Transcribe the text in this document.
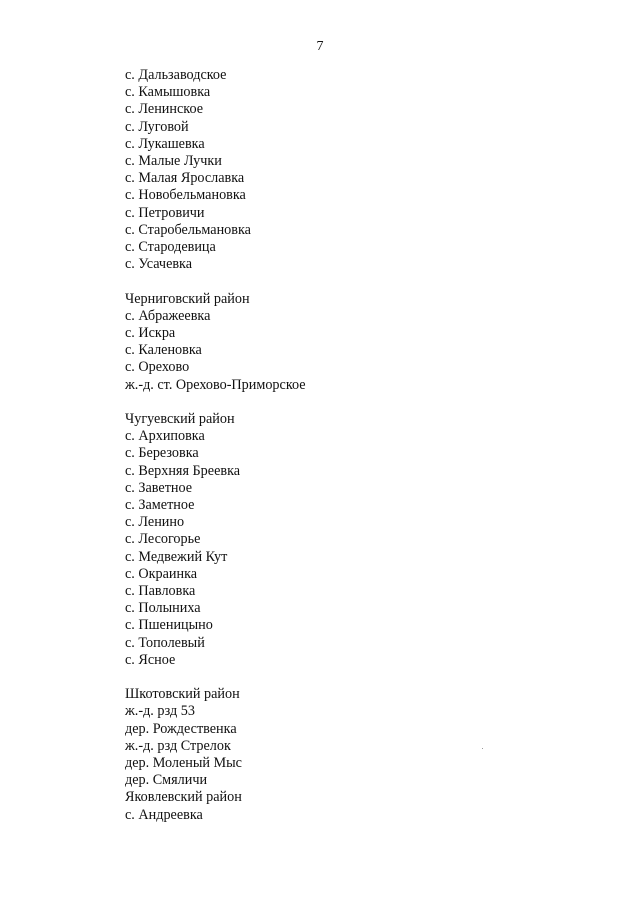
7
с. Дальзаводское
с. Камышовка
с. Ленинское
с. Луговой
с. Лукашевка
с. Малые Лучки
с. Малая Ярославка
с. Новобельмановка
с. Петровичи
с. Старобельмановка
с. Стародевица
с. Усачевка
Черниговский район
с. Абражеевка
с. Искра
с. Каленовка
с. Орехово
ж.-д. ст. Орехово-Приморское
Чугуевский район
с. Архиповка
с. Березовка
с. Верхняя Бреевка
с. Заветное
с. Заметное
с. Ленино
с. Лесогорье
с. Медвежий Кут
с. Окраинка
с. Павловка
с. Полыниха
с. Пшеницыно
с. Тополевый
с. Ясное
Шкотовский район
ж.-д. рзд 53
дер. Рождественка
ж.-д. рзд Стрелок
дер. Моленый Мыс
дер. Смяличи
Яковлевский район
с. Андреевка
